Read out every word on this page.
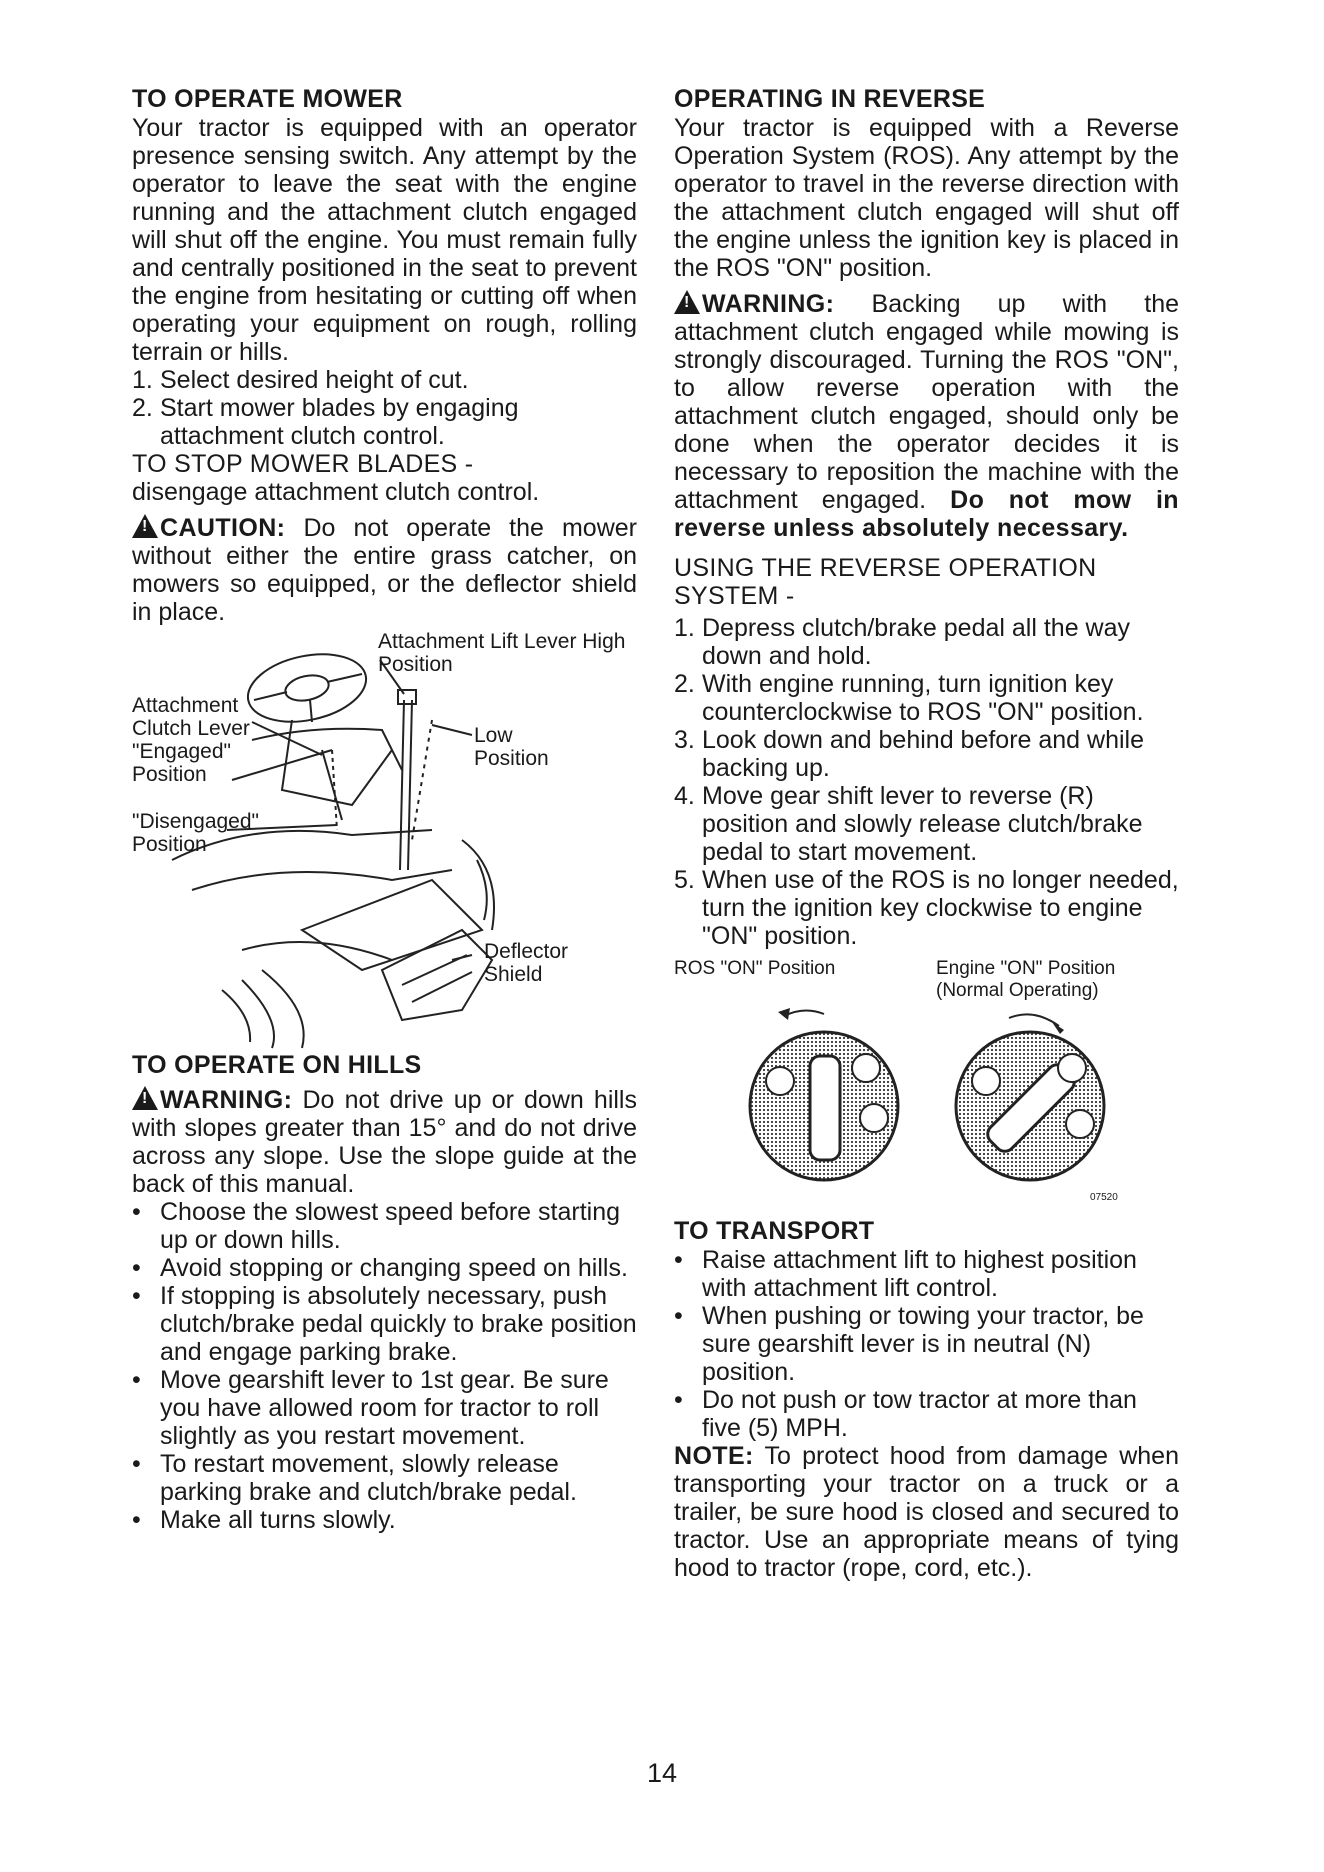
TO OPERATE MOWER

Your tractor is equipped with an operator presence sensing switch. Any attempt by the operator to leave the seat with the engine running and the attachment clutch engaged will shut off the engine. You must remain fully and centrally positioned in the seat to prevent the engine from hesitating or cutting off when operating your equipment on rough, rolling terrain or hills.

1. Select desired height of cut.
2. Start mower blades by engaging attachment clutch control.
TO STOP MOWER BLADES -

disengage attachment clutch control.

!CAUTION: Do not operate the mower without either the entire grass catcher, on mowers so equipped, or the deflector shield in place.

Attachment Lift Lever High Position
Attachment Clutch Lever
"Engaged" Position
Low Position
"Disengaged" Position
Deflector Shield
TO OPERATE ON HILLS

!WARNING: Do not drive up or down hills with slopes greater than 15° and do not drive across any slope. Use the slope guide at the back of this manual.

• Choose the slowest speed before starting up or down hills.
• Avoid stopping or changing speed on hills.
• If stopping is absolutely necessary, push clutch/brake pedal quickly to brake position and engage parking brake.
• Move gearshift lever to 1st gear. Be sure you have allowed room for tractor to roll slightly as you restart movement.
• To restart movement, slowly release parking brake and clutch/brake pedal.
• Make all turns slowly.
OPERATING IN REVERSE

Your tractor is equipped with a Reverse Operation System (ROS). Any attempt by the operator to travel in the reverse direction with the attachment clutch engaged will shut off the engine unless the ignition key is placed in the ROS "ON" position.

!WARNING: Backing up with the attachment clutch engaged while mowing is strongly discouraged. Turning the ROS "ON", to allow reverse operation with the attachment clutch engaged, should only be done when the operator decides it is necessary to reposition the machine with the attachment engaged. Do not mow in reverse unless absolutely necessary.

USING THE REVERSE OPERATION SYSTEM -
1. Depress clutch/brake pedal all the way down and hold.
2. With engine running, turn ignition key counterclockwise to ROS "ON" position.
3. Look down and behind before and while backing up.
4. Move gear shift lever to reverse (R) position and slowly release clutch/brake pedal to start movement.
5. When use of the ROS is no longer needed, turn the ignition key clockwise to engine "ON" position.
ROS "ON" Position	Engine "ON" Position
(Normal Operating)
07520
TO TRANSPORT
• Raise attachment lift to highest position with attachment lift control.
• When pushing or towing your tractor, be sure gearshift lever is in neutral (N) position.
• Do not push or tow tractor at more than five (5) MPH.

NOTE: To protect hood from damage when transporting your tractor on a truck or a trailer, be sure hood is closed and secured to tractor. Use an appropriate means of tying hood to tractor (rope, cord, etc.).

14
